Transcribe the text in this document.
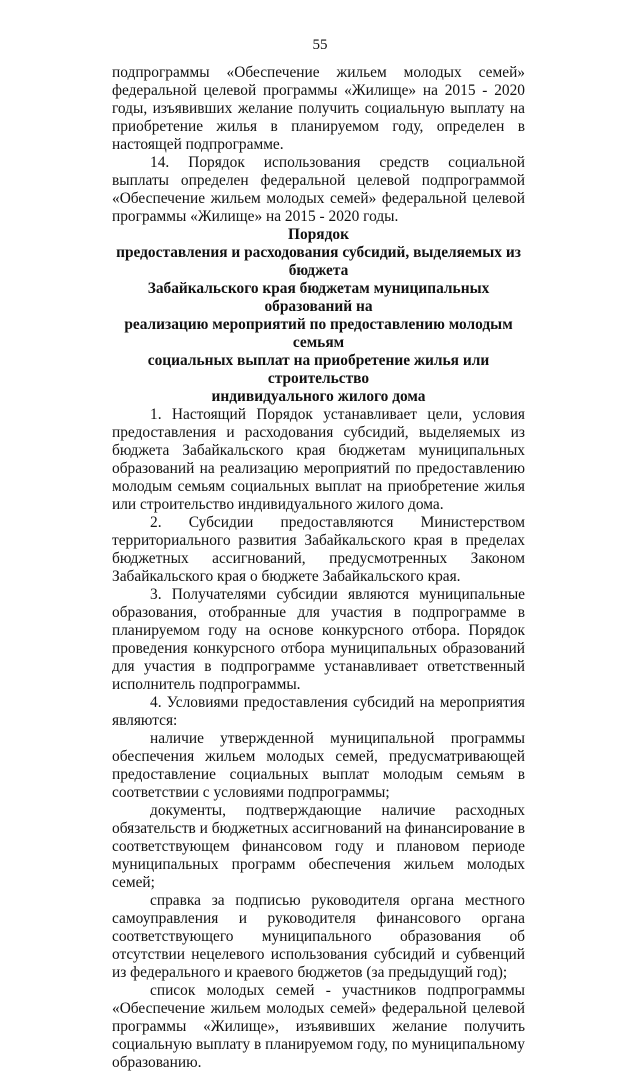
55

подпрограммы «Обеспечение жильем молодых семей» федеральной целевой программы «Жилище» на 2015 - 2020 годы, изъявивших желание получить социальную выплату на приобретение жилья в планируемом году, определен в настоящей подпрограмме.

14. Порядок использования средств социальной выплаты определен федеральной целевой подпрограммой «Обеспечение жильем молодых семей» федеральной целевой программы «Жилище» на 2015 - 2020 годы.

Порядок
предоставления и расходования субсидий, выделяемых из бюджета
Забайкальского края бюджетам муниципальных образований на
реализацию мероприятий по предоставлению молодым семьям
социальных выплат на приобретение жилья или строительство
индивидуального жилого дома

1. Настоящий Порядок устанавливает цели, условия предоставления и расходования субсидий, выделяемых из бюджета Забайкальского края бюджетам муниципальных образований на реализацию мероприятий по предоставлению молодым семьям социальных выплат на приобретение жилья или строительство индивидуального жилого дома.

2. Субсидии предоставляются Министерством территориального развития Забайкальского края в пределах бюджетных ассигнований, предусмотренных Законом Забайкальского края о бюджете Забайкальского края.

3. Получателями субсидии являются муниципальные образования, отобранные для участия в подпрограмме в планируемом году на основе конкурсного отбора. Порядок проведения конкурсного отбора муниципальных образований для участия в подпрограмме устанавливает ответственный исполнитель подпрограммы.

4. Условиями предоставления субсидий на мероприятия являются:

наличие утвержденной муниципальной программы обеспечения жильем молодых семей, предусматривающей предоставление социальных выплат молодым семьям в соответствии с условиями подпрограммы;

документы, подтверждающие наличие расходных обязательств и бюджетных ассигнований на финансирование в соответствующем финансовом году и плановом периоде муниципальных программ обеспечения жильем молодых семей;

справка за подписью руководителя органа местного самоуправления и руководителя финансового органа соответствующего муниципального образования об отсутствии нецелевого использования субсидий и субвенций из федерального и краевого бюджетов (за предыдущий год);

список молодых семей - участников подпрограммы «Обеспечение жильем молодых семей» федеральной целевой программы «Жилище», изъявивших желание получить социальную выплату в планируемом году, по муниципальному образованию.
